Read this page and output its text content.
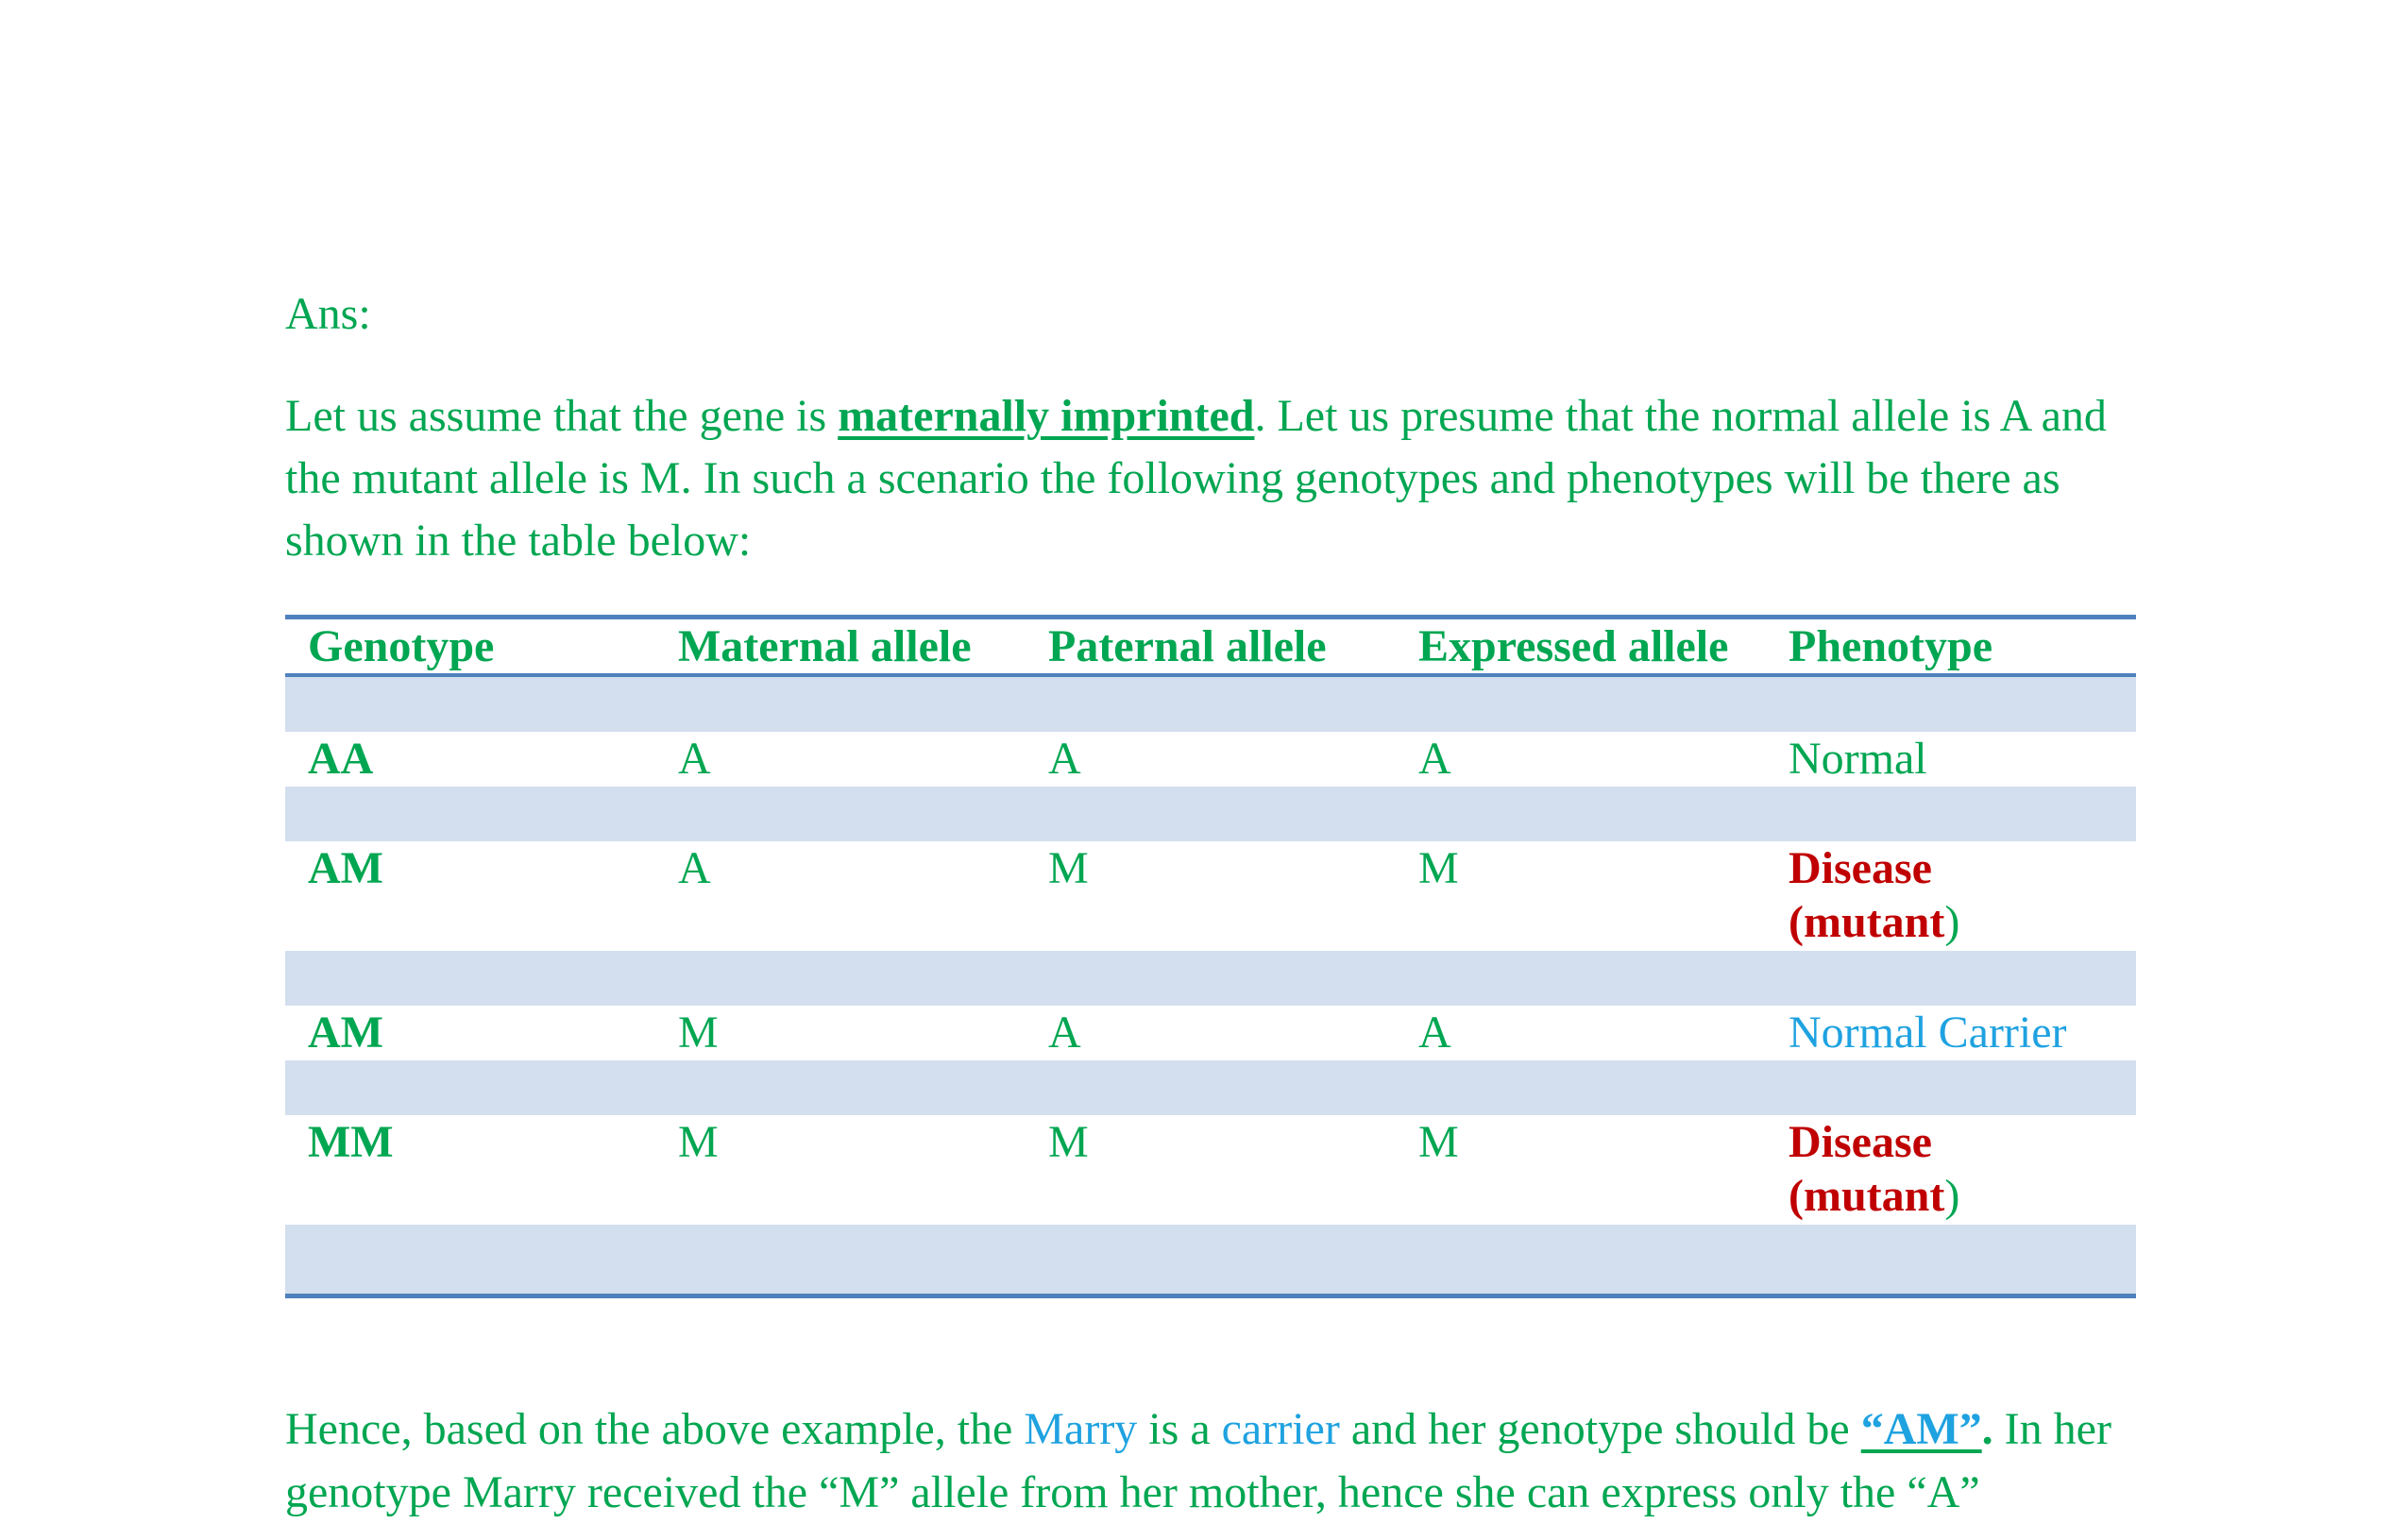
Ans:

Let us assume that the gene is maternally imprinted. Let us presume that the normal allele is A and the mutant allele is M. In such a scenario the following genotypes and phenotypes will be there as shown in the table below:

Genotype	Maternal allele	Paternal allele	Expressed allele	Phenotype

AA	A	A	A	Normal

AM	A	M	M	Disease
(mutant)

AM	M	A	A	Normal Carrier

MM	M	M	M	Disease
(mutant)

Hence, based on the above example, the Marry is a carrier and her genotype should be “AM”. In her genotype Marry received the “M” allele from her mother, hence she can express only the “A”
